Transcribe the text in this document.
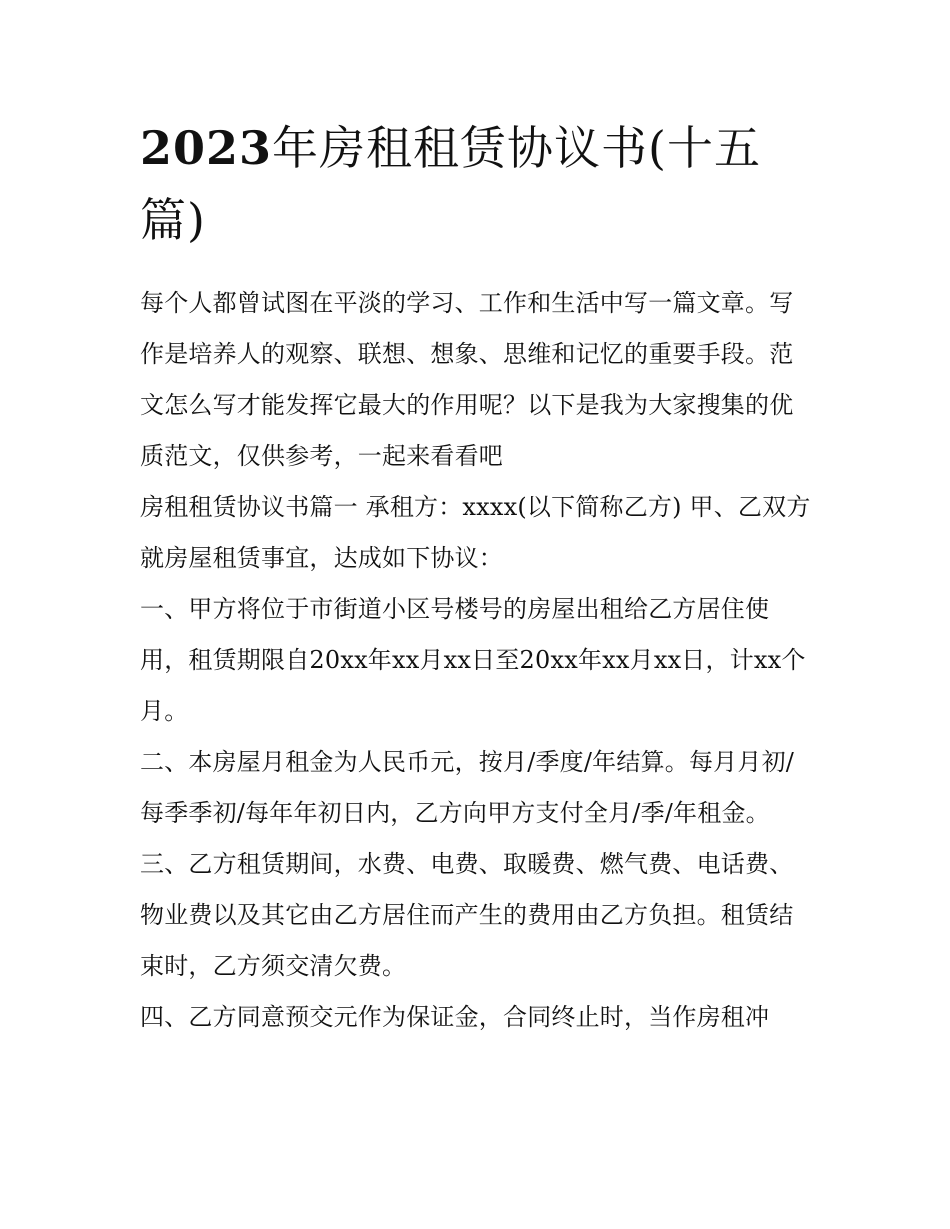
2023年房租租赁协议书(十五篇)

每个人都曾试图在平淡的学习、工作和生活中写一篇文章。写作是培养人的观察、联想、想象、思维和记忆的重要手段。范文怎么写才能发挥它最大的作用呢？以下是我为大家搜集的优质范文，仅供参考，一起来看看吧

房租租赁协议书篇一 承租方：xxxx(以下简称乙方) 甲、乙双方就房屋租赁事宜，达成如下协议：

一、甲方将位于市街道小区号楼号的房屋出租给乙方居住使用，租赁期限自20xx年xx月xx日至20xx年xx月xx日，计xx个月。

二、本房屋月租金为人民币元，按月/季度/年结算。每月月初/每季季初/每年年初日内，乙方向甲方支付全月/季/年租金。

三、乙方租赁期间，水费、电费、取暖费、燃气费、电话费、物业费以及其它由乙方居住而产生的费用由乙方负担。租赁结束时，乙方须交清欠费。

四、乙方同意预交元作为保证金，合同终止时，当作房租冲
